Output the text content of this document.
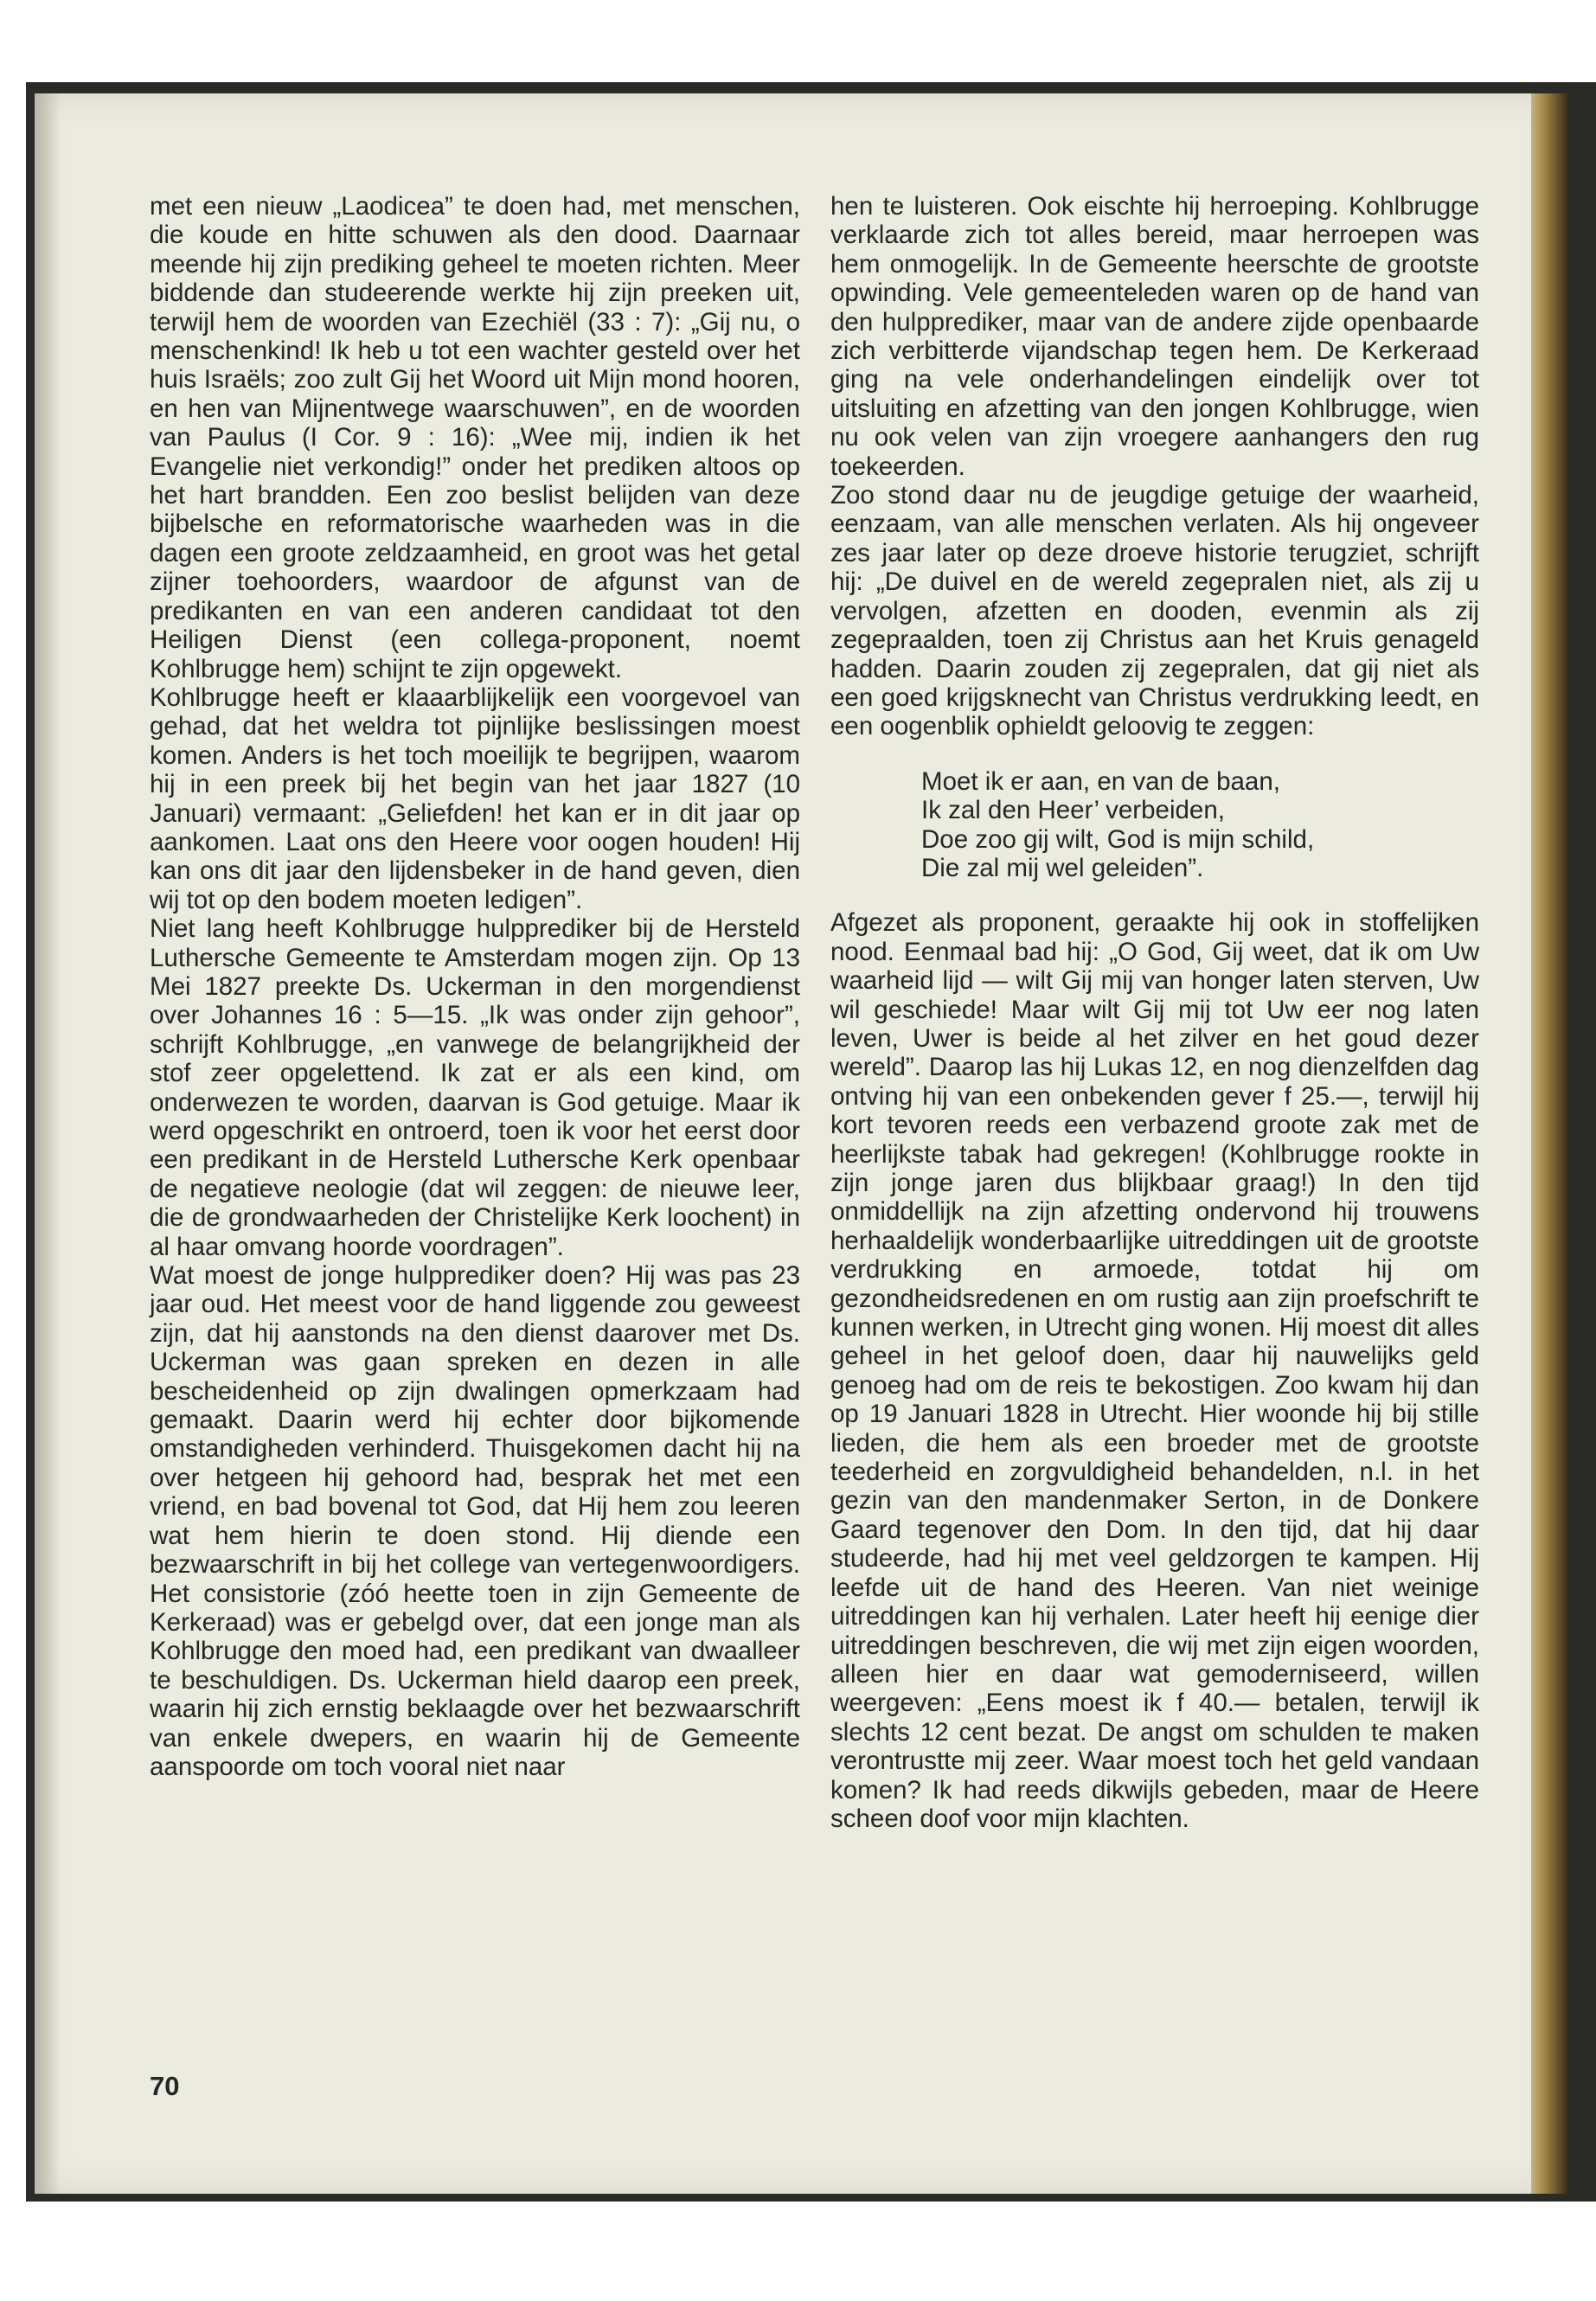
met een nieuw „Laodicea” te doen had, met menschen, die koude en hitte schuwen als den dood. Daarnaar meende hij zijn prediking geheel te moeten richten. Meer biddende dan studeerende werkte hij zijn preeken uit, terwijl hem de woorden van Ezechiël (33 : 7): „Gij nu, o menschenkind! Ik heb u tot een wachter gesteld over het huis Israëls; zoo zult Gij het Woord uit Mijn mond hooren, en hen van Mijnentwege waarschuwen”, en de woorden van Paulus (I Cor. 9 : 16): „Wee mij, indien ik het Evangelie niet verkondig!” onder het prediken altoos op het hart brandden. Een zoo beslist belijden van deze bijbelsche en reformatorische waarheden was in die dagen een groote zeldzaamheid, en groot was het getal zijner toehoorders, waardoor de afgunst van de predikanten en van een anderen candidaat tot den Heiligen Dienst (een collega-proponent, noemt Kohlbrugge hem) schijnt te zijn opgewekt.

Kohlbrugge heeft er klaaarblijkelijk een voorgevoel van gehad, dat het weldra tot pijnlijke beslissingen moest komen. Anders is het toch moeilijk te begrijpen, waarom hij in een preek bij het begin van het jaar 1827 (10 Januari) vermaant: „Geliefden! het kan er in dit jaar op aankomen. Laat ons den Heere voor oogen houden! Hij kan ons dit jaar den lijdensbeker in de hand geven, dien wij tot op den bodem moeten ledigen”.

Niet lang heeft Kohlbrugge hulpprediker bij de Hersteld Luthersche Gemeente te Amsterdam mogen zijn. Op 13 Mei 1827 preekte Ds. Uckerman in den morgendienst over Johannes 16 : 5—15. „Ik was onder zijn gehoor”, schrijft Kohlbrugge, „en vanwege de belangrijkheid der stof zeer opgelettend. Ik zat er als een kind, om onderwezen te worden, daarvan is God getuige. Maar ik werd opgeschrikt en ontroerd, toen ik voor het eerst door een predikant in de Hersteld Luthersche Kerk openbaar de negatieve neologie (dat wil zeggen: de nieuwe leer, die de grondwaarheden der Christelijke Kerk loochent) in al haar omvang hoorde voordragen”.

Wat moest de jonge hulpprediker doen? Hij was pas 23 jaar oud. Het meest voor de hand liggende zou geweest zijn, dat hij aanstonds na den dienst daarover met Ds. Uckerman was gaan spreken en dezen in alle bescheidenheid op zijn dwalingen opmerkzaam had gemaakt. Daarin werd hij echter door bijkomende omstandigheden verhinderd. Thuisgekomen dacht hij na over hetgeen hij gehoord had, besprak het met een vriend, en bad bovenal tot God, dat Hij hem zou leeren wat hem hierin te doen stond. Hij diende een bezwaarschrift in bij het college van vertegenwoordigers. Het consistorie (zóó heette toen in zijn Gemeente de Kerkeraad) was er gebelgd over, dat een jonge man als Kohlbrugge den moed had, een predikant van dwaalleer te beschuldigen. Ds. Uckerman hield daarop een preek, waarin hij zich ernstig beklaagde over het bezwaarschrift van enkele dwepers, en waarin hij de Gemeente aanspoorde om toch vooral niet naar

hen te luisteren. Ook eischte hij herroeping. Kohlbrugge verklaarde zich tot alles bereid, maar herroepen was hem onmogelijk. In de Gemeente heerschte de grootste opwinding. Vele gemeenteleden waren op de hand van den hulpprediker, maar van de andere zijde openbaarde zich verbitterde vijandschap tegen hem. De Kerkeraad ging na vele onderhandelingen eindelijk over tot uitsluiting en afzetting van den jongen Kohlbrugge, wien nu ook velen van zijn vroegere aanhangers den rug toekeerden.

Zoo stond daar nu de jeugdige getuige der waarheid, eenzaam, van alle menschen verlaten. Als hij ongeveer zes jaar later op deze droeve historie terugziet, schrijft hij: „De duivel en de wereld zegepralen niet, als zij u vervolgen, afzetten en dooden, evenmin als zij zegepraalden, toen zij Christus aan het Kruis genageld hadden. Daarin zouden zij zegepralen, dat gij niet als een goed krijgsknecht van Christus verdrukking leedt, en een oogenblik ophieldt geloovig te zeggen:

Moet ik er aan, en van de baan,
Ik zal den Heer’ verbeiden,
Doe zoo gij wilt, God is mijn schild,
Die zal mij wel geleiden”.

Afgezet als proponent, geraakte hij ook in stoffelijken nood. Eenmaal bad hij: „O God, Gij weet, dat ik om Uw waarheid lijd — wilt Gij mij van honger laten sterven, Uw wil geschiede! Maar wilt Gij mij tot Uw eer nog laten leven, Uwer is beide al het zilver en het goud dezer wereld”. Daarop las hij Lukas 12, en nog dienzelfden dag ontving hij van een onbekenden gever f 25.—, terwijl hij kort tevoren reeds een verbazend groote zak met de heerlijkste tabak had gekregen! (Kohlbrugge rookte in zijn jonge jaren dus blijkbaar graag!) In den tijd onmiddellijk na zijn afzetting ondervond hij trouwens herhaaldelijk wonderbaarlijke uitreddingen uit de grootste verdrukking en armoede, totdat hij om gezondheidsredenen en om rustig aan zijn proefschrift te kunnen werken, in Utrecht ging wonen. Hij moest dit alles geheel in het geloof doen, daar hij nauwelijks geld genoeg had om de reis te bekostigen. Zoo kwam hij dan op 19 Januari 1828 in Utrecht. Hier woonde hij bij stille lieden, die hem als een broeder met de grootste teederheid en zorgvuldigheid behandelden, n.l. in het gezin van den mandenmaker Serton, in de Donkere Gaard tegenover den Dom. In den tijd, dat hij daar studeerde, had hij met veel geldzorgen te kampen. Hij leefde uit de hand des Heeren. Van niet weinige uitreddingen kan hij verhalen. Later heeft hij eenige dier uitreddingen beschreven, die wij met zijn eigen woorden, alleen hier en daar wat gemoderniseerd, willen weergeven: „Eens moest ik f 40.— betalen, terwijl ik slechts 12 cent bezat. De angst om schulden te maken verontrustte mij zeer. Waar moest toch het geld vandaan komen? Ik had reeds dikwijls gebeden, maar de Heere scheen doof voor mijn klachten.

70
